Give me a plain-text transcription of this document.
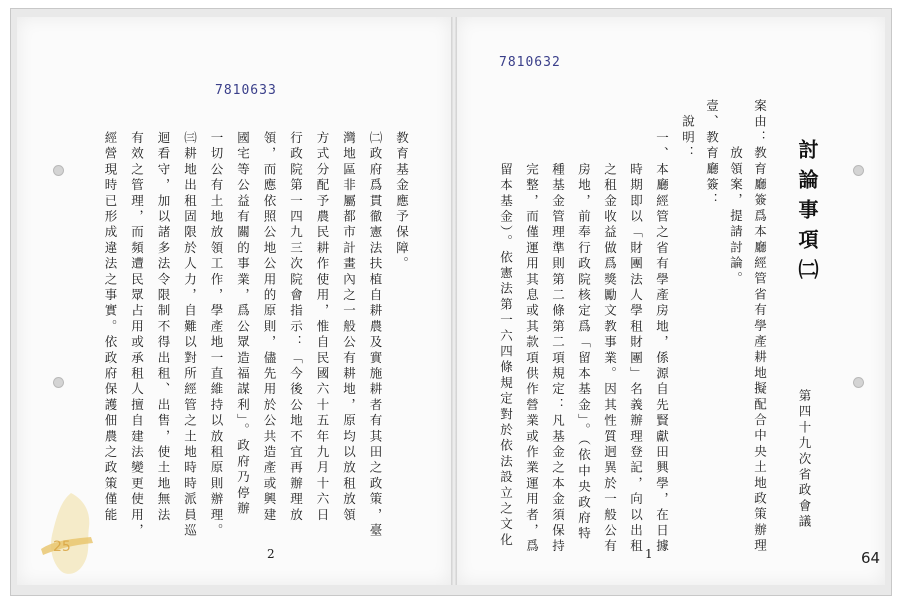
7810633
教育基金應予保障。
㈡政府爲貫徹憲法扶植自耕農及實施耕者有其田之政策，臺
灣地區非屬都市計畫內之一般公有耕地，原均以放租放領
方式分配予農民耕作使用，惟自民國六十五年九月十六日
行政院第一四九三次院會指示：「今後公地不宜再辦理放
領，而應依照公地公用的原則，儘先用於公共造產或興建
國宅等公益有關的事業，爲公眾造福謀利」。政府乃停辦
一切公有土地放領工作，學產地一直維持以放租原則辦理。
㈢耕地出租固限於人力，自難以對所經管之土地時時派員巡
迴看守，加以諸多法令限制不得出租、出售，使土地無法
有效之管理，而頻遭民眾占用或承租人擅自建法變更使用，
經營現時已形成違法之事實。依政府保護佃農之政策僅能
2
25
7810632
討論事項㈡
第四十九次省政會議
案由：教育廳簽爲本廳經管省有學產耕地擬配合中央土地政策辦理
　　　放領案，提請討論。
壹、教育廳簽：
　說明：
一、本廳經管之省有學產房地，係源自先賢獻田興學，在日據
　　時期即以「財團法人學租財團」名義辦理登記，向以出租
　　之租金收益做爲獎勵文教事業。因其性質迥異於一般公有
　　房地，前奉行政院核定爲「留本基金」。（依中央政府特
　　種基金管理準則第二條第二項規定：凡基金之本金須保持
　　完整，而僅運用其息或其款項供作營業或作業運用者，爲
　　留本基金）。依憲法第一六四條規定對於依法設立之文化
1	64
